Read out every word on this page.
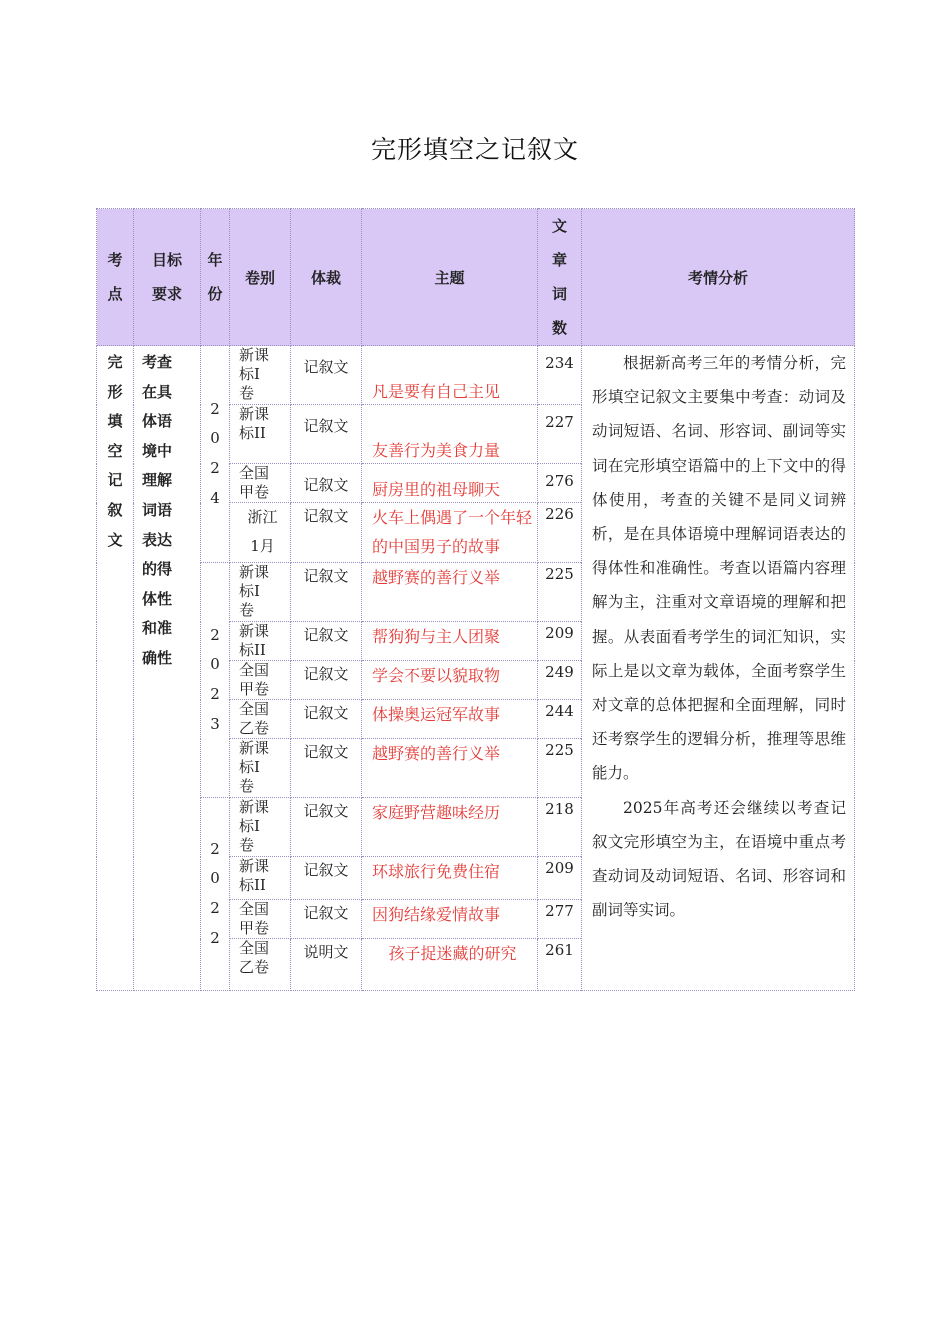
完形填空之记叙文
考点	目标要求	年份	卷别	体裁	主题	文章词数	考情分析
完形填空记叙文	考查在具体语境中理解词语表达的得体性和准确性	2024	新课标I卷	记叙文	凡是要有自己主见	234	根据新高考三年的考情分析，完形填空记叙文主要集中考查：动词及动词短语、名词、形容词、副词等实词在完形填空语篇中的上下文中的得体使用，考查的关键不是同义词辨析，是在具体语境中理解词语表达的得体性和准确性。考查以语篇内容理解为主，注重对文章语境的理解和把握。从表面看考学生的词汇知识，实际上是以文章为载体，全面考察学生对文章的总体把握和全面理解，同时还考察学生的逻辑分析，推理等思维能力。

2025年高考还会继续以考查记叙文完形填空为主，在语境中重点考查动词及动词短语、名词、形容词和副词等实词。

			新课标II	记叙文	友善行为美食力量	227	

			全国甲卷	记叙文	厨房里的祖母聊天	276	

			浙江1月	记叙文	火车上偶遇了一个年轻的中国男子的故事	226	
		2023	新课标I卷	记叙文	越野赛的善行义举	225	

			新课标II	记叙文	帮狗狗与主人团聚	209	

			全国甲卷	记叙文	学会不要以貌取物	249	

			全国乙卷	记叙文	体操奥运冠军故事	244	

			新课标I卷	记叙文	越野赛的善行义举	225	
		2022	新课标I卷	记叙文	家庭野营趣味经历	218	

			新课标II	记叙文	环球旅行免费住宿	209	

			全国甲卷	记叙文	因狗结缘爱情故事	277	

			全国乙卷	说明文	孩子捉迷藏的研究	261	
